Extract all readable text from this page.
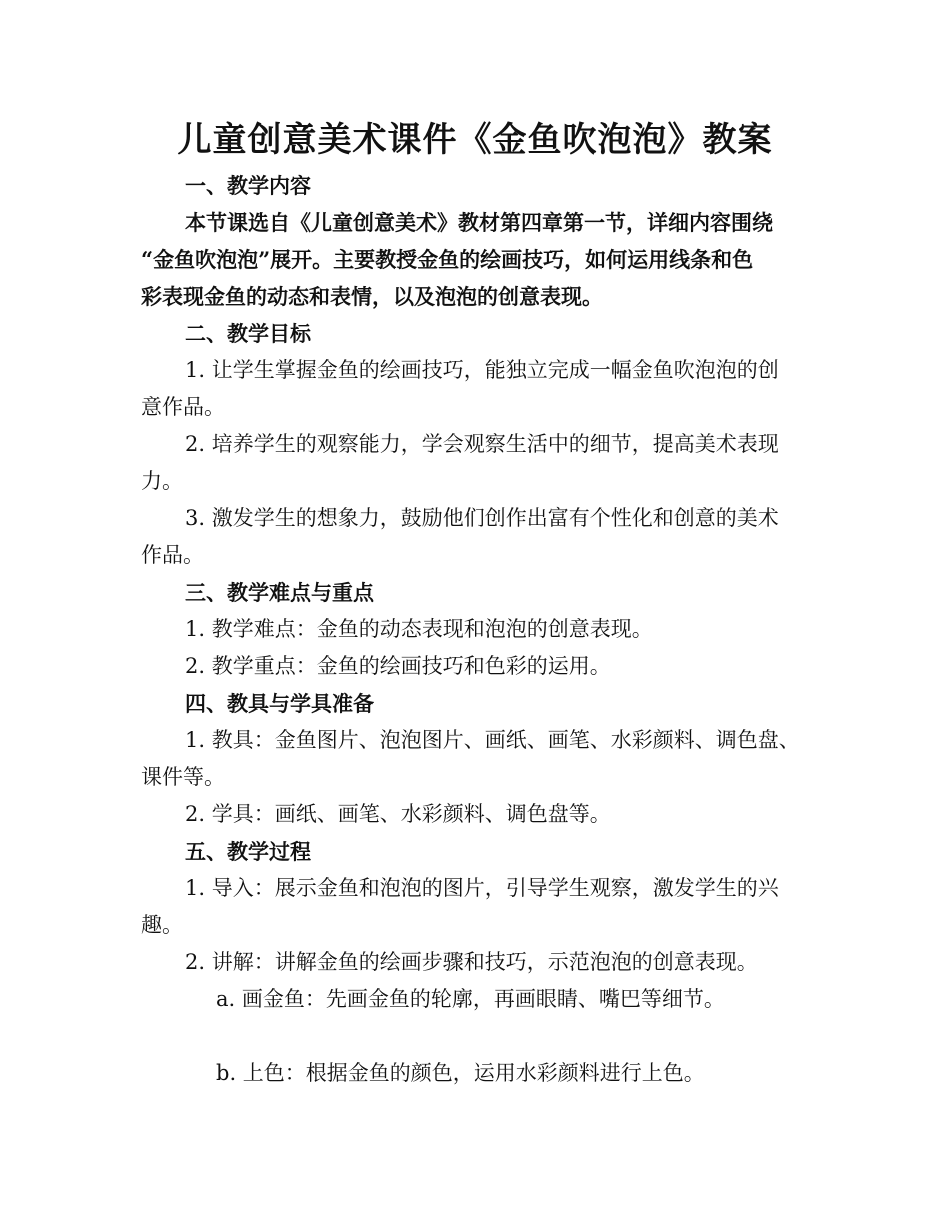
儿童创意美术课件《金鱼吹泡泡》教案

一、教学内容

本节课选自《儿童创意美术》教材第四章第一节，详细内容围绕

“金鱼吹泡泡”展开。主要教授金鱼的绘画技巧，如何运用线条和色

彩表现金鱼的动态和表情，以及泡泡的创意表现。

二、教学目标

1. 让学生掌握金鱼的绘画技巧，能独立完成一幅金鱼吹泡泡的创

意作品。

2. 培养学生的观察能力，学会观察生活中的细节，提高美术表现

力。

3. 激发学生的想象力，鼓励他们创作出富有个性化和创意的美术

作品。

三、教学难点与重点

1. 教学难点：金鱼的动态表现和泡泡的创意表现。

2. 教学重点：金鱼的绘画技巧和色彩的运用。

四、教具与学具准备

1. 教具：金鱼图片、泡泡图片、画纸、画笔、水彩颜料、调色盘、

课件等。

2. 学具：画纸、画笔、水彩颜料、调色盘等。

五、教学过程

1. 导入：展示金鱼和泡泡的图片，引导学生观察，激发学生的兴

趣。

2. 讲解：讲解金鱼的绘画步骤和技巧，示范泡泡的创意表现。

a. 画金鱼：先画金鱼的轮廓，再画眼睛、嘴巴等细节。

b. 上色：根据金鱼的颜色，运用水彩颜料进行上色。
